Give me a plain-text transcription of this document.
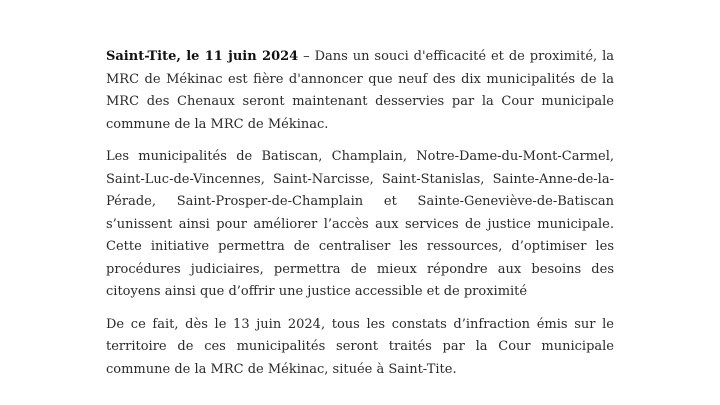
Saint-Tite, le 11 juin 2024 – Dans un souci d'efficacité et de proximité, la MRC de Mékinac est fière d'annoncer que neuf des dix municipalités de la MRC des Chenaux seront maintenant desservies par la Cour municipale commune de la MRC de Mékinac.

Les municipalités de Batiscan, Champlain, Notre-Dame-du-Mont-Carmel, Saint-Luc-de-Vincennes, Saint-Narcisse, Saint-Stanislas, Sainte-Anne-de-la-Pérade, Saint-Prosper-de-Champlain et Sainte-Geneviève-de-Batiscan s’unissent ainsi pour améliorer l’accès aux services de justice municipale. Cette initiative permettra de centraliser les ressources, d’optimiser les procédures judiciaires, permettra de mieux répondre aux besoins des citoyens ainsi que d’offrir une justice accessible et de proximité

De ce fait, dès le 13 juin 2024, tous les constats d’infraction émis sur le territoire de ces municipalités seront traités par la Cour municipale commune de la MRC de Mékinac, située à Saint-Tite.
